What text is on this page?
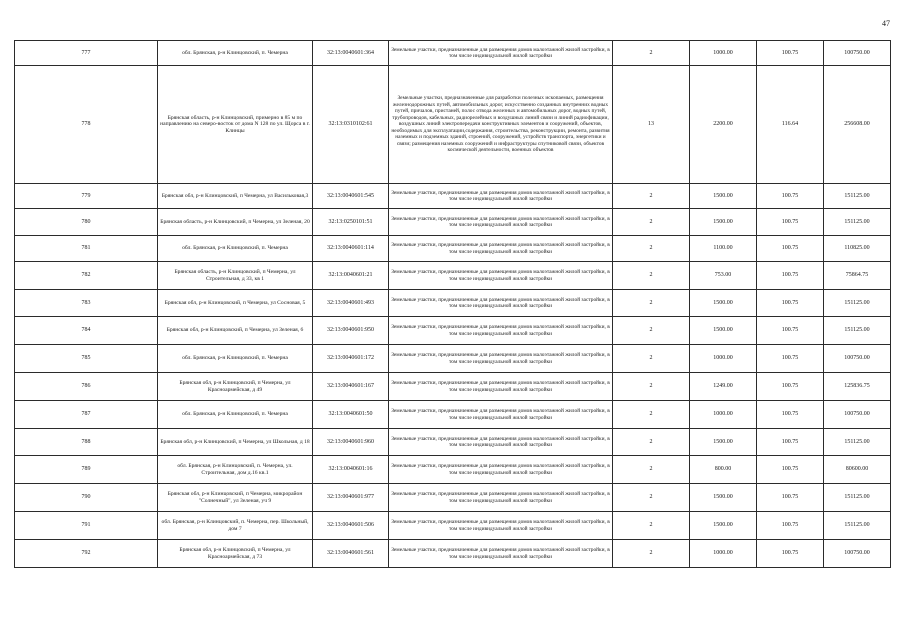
47
777	обл. Брянская, р-н Клинцовский, п. Чемерна	32:13:0040601:364	Земельные участки, предназначенные для размещения домов малоэтажной жилой застройки, в том числе индивидуальной жилой застройки	2	1000.00	100.75	100750.00
778	Брянская область, р-н Клинцовский, примерно в 85 м по направлению на северо-восток от дома N 128 по ул. Щорса в г. Клинцы	32:13:0310102:61	Земельные участки, предназначенные для разработки полезных ископаемых, размещения железнодорожных путей, автомобильных дорог, искусственно созданных внутренних водных путей, причалов, пристаней, полос отвода железных и автомобильных дорог, водных путей, трубопроводов, кабельных, радиорелейных и воздушных линий связи и линий радиофикации, воздушных линий электропередачи конструктивных элементов и сооружений, объектов, необходимых для эксплуатации,содержания, строительства, реконструкции, ремонта, развития наземных и подземных зданий, строений, сооружений, устройств транспорта, энергетики и связи; размещения наземных сооружений и инфраструктуры спутниковой связи, объектов космической деятельности, военных объектов	13	2200.00	116.64	256608.00
779	Брянская обл, р-н Клинцовский, п Чемерна, ул Васильковая,3	32:13:0040601:545	Земельные участки, предназначенные для размещения домов малоэтажной жилой застройки, в том числе индивидуальной жилой застройки	2	1500.00	100.75	151125.00
780	Брянская область, р-н Клинцовский, п Чемерна, ул Зеленая, 20	32:13:0250101:51	Земельные участки, предназначенные для размещения домов малоэтажной жилой застройки, в том числе индивидуальной жилой застройки	2	1500.00	100.75	151125.00
781	обл. Брянская, р-н Клинцовский, п. Чемерна	32:13:0040601:114	Земельные участки, предназначенные для размещения домов малоэтажной жилой застройки, в том числе индивидуальной жилой застройки	2	1100.00	100.75	110825.00
782	Брянская область, р-н Клинцовский, п Чемерна, ул Строительная, д 33, кв 1	32:13:0040601:21	Земельные участки, предназначенные для размещения домов малоэтажной жилой застройки, в том числе индивидуальной жилой застройки	2	753.00	100.75	75864.75
783	Брянская обл, р-н Клинцовский, п Чемерна, ул Сосновая, 5	32:13:0040601:493	Земельные участки, предназначенные для размещения домов малоэтажной жилой застройки, в том числе индивидуальной жилой застройки	2	1500.00	100.75	151125.00
784	Брянская обл, р-н Клинцовский, п Чемерна, ул Зеленая, 6	32:13:0040601:950	Земельные участки, предназначенные для размещения домов малоэтажной жилой застройки, в том числе индивидуальной жилой застройки	2	1500.00	100.75	151125.00
785	обл. Брянская, р-н Клинцовский, п. Чемерна	32:13:0040601:172	Земельные участки, предназначенные для размещения домов малоэтажной жилой застройки, в том числе индивидуальной жилой застройки	2	1000.00	100.75	100750.00
786	Брянская обл, р-н Клинцовский, п Чемерна, ул Красноармейская, д 49	32:13:0040601:167	Земельные участки, предназначенные для размещения домов малоэтажной жилой застройки, в том числе индивидуальной жилой застройки	2	1249.00	100.75	125836.75
787	обл. Брянская, р-н Клинцовский, п. Чемерна	32:13:0040601:50	Земельные участки, предназначенные для размещения домов малоэтажной жилой застройки, в том числе индивидуальной жилой застройки	2	1000.00	100.75	100750.00
788	Брянская обл, р-н Клинцовский, п Чемерна, ул Школьная, д 18	32:13:0040601:960	Земельные участки, предназначенные для размещения домов малоэтажной жилой застройки, в том числе индивидуальной жилой застройки	2	1500.00	100.75	151125.00
789	обл. Брянская, р-н Клинцовский, п. Чемерна, ул. Строительная, дом д.16 кв.1	32:13:0040601:16	Земельные участки, предназначенные для размещения домов малоэтажной жилой застройки, в том числе индивидуальной жилой застройки	2	800.00	100.75	80600.00
790	Брянская обл, р-н Клинцовский, п Чемерна, микрорайон "Солнечный", ул Зеленая, уч 9	32:13:0040601:977	Земельные участки, предназначенные для размещения домов малоэтажной жилой застройки, в том числе индивидуальной жилой застройки	2	1500.00	100.75	151125.00
791	обл. Брянская, р-н Клинцовский, п. Чемерна, пер. Школьный, дом 7	32:13:0040601:506	Земельные участки, предназначенные для размещения домов малоэтажной жилой застройки, в том числе индивидуальной жилой застройки	2	1500.00	100.75	151125.00
792	Брянская обл, р-н Клинцовский, п Чемерна, ул Красноармейская, д 73	32:13:0040601:561	Земельные участки, предназначенные для размещения домов малоэтажной жилой застройки, в том числе индивидуальной жилой застройки	2	1000.00	100.75	100750.00
